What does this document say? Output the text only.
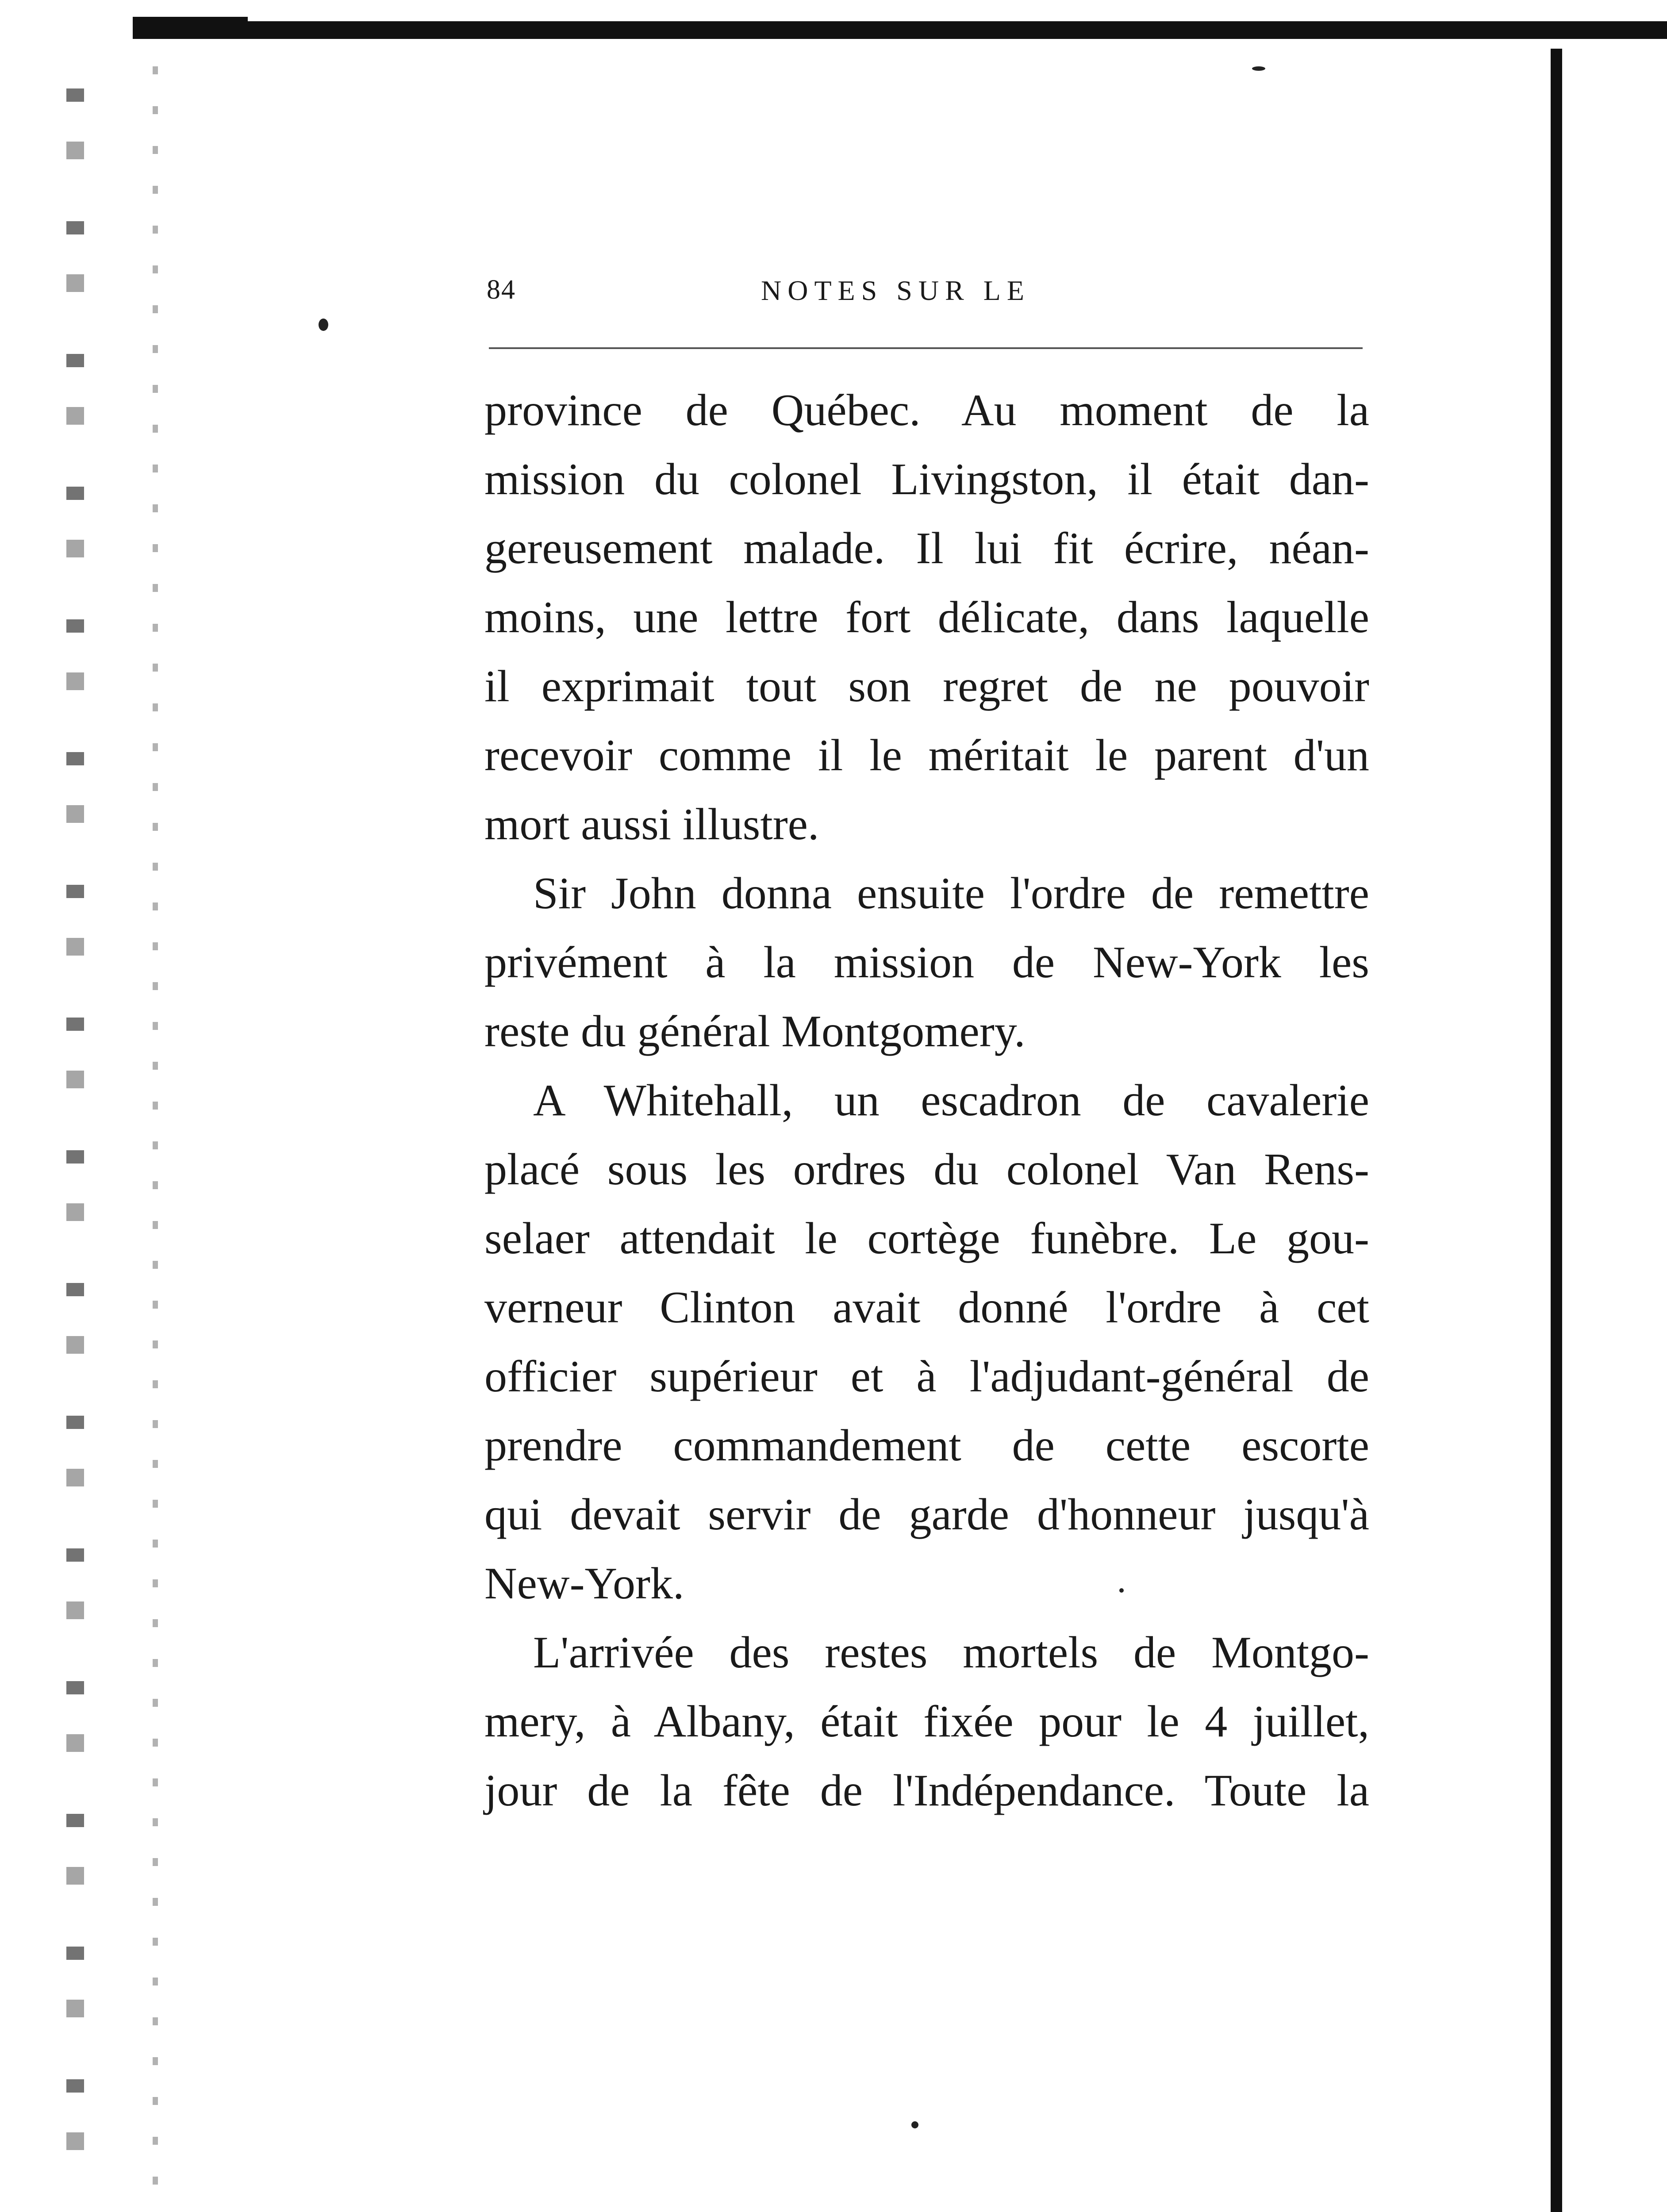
84	NOTES SUR LE
province de Québec. Au moment de la
mission du colonel Livingston, il était dan-
gereusement malade. Il lui fit écrire, néan-
moins, une lettre fort délicate, dans laquelle
il exprimait tout son regret de ne pouvoir
recevoir comme il le méritait le parent d'un
mort aussi illustre.
Sir John donna ensuite l'ordre de remettre
privément à la mission de New-York les
reste du général Montgomery.
A Whitehall, un escadron de cavalerie
placé sous les ordres du colonel Van Rens-
selaer attendait le cortège funèbre. Le gou-
verneur Clinton avait donné l'ordre à cet
officier supérieur et à l'adjudant-général de
prendre commandement de cette escorte
qui devait servir de garde d'honneur jusqu'à
New-York.
L'arrivée des restes mortels de Montgo-
mery, à Albany, était fixée pour le 4 juillet,
jour de la fête de l'Indépendance. Toute la
